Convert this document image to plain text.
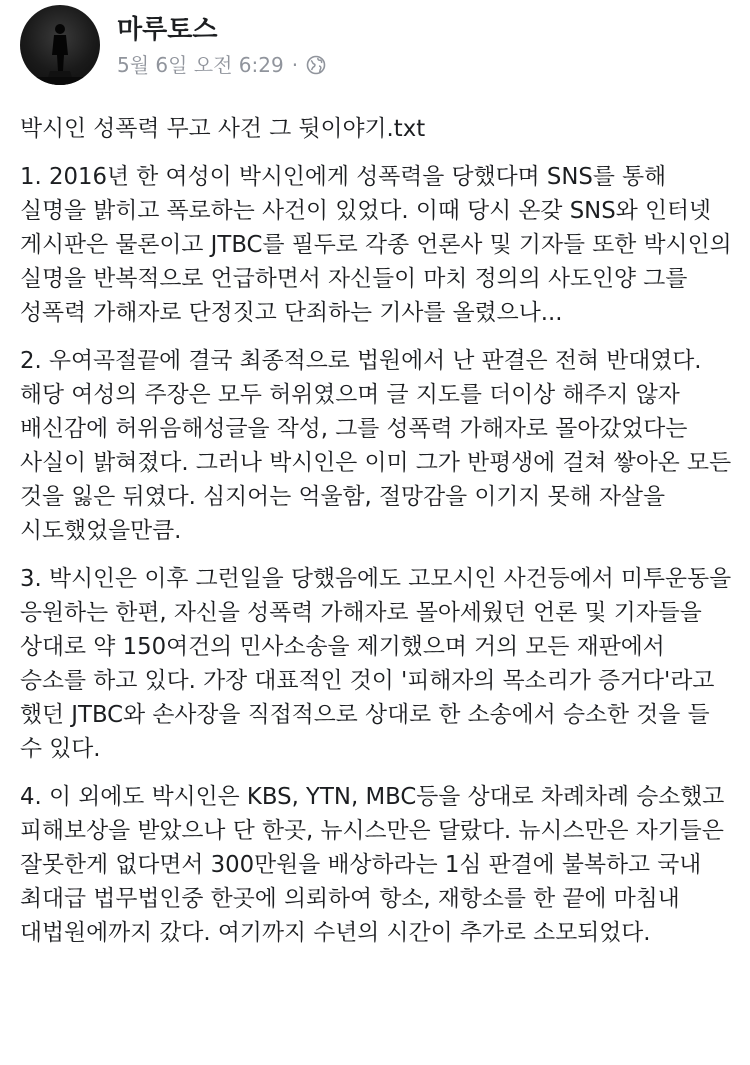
마루토스
5월 6일 오전 6:29 ·

박시인 성폭력 무고 사건 그 뒷이야기.txt

1. 2016년 한 여성이 박시인에게 성폭력을 당했다며 SNS를 통해 실명을 밝히고 폭로하는 사건이 있었다. 이때 당시 온갖 SNS와 인터넷 게시판은 물론이고 JTBC를 필두로 각종 언론사 및 기자들 또한 박시인의 실명을 반복적으로 언급하면서 자신들이 마치 정의의 사도인양 그를 성폭력 가해자로 단정짓고 단죄하는 기사를 올렸으나...

2. 우여곡절끝에 결국 최종적으로 법원에서 난 판결은 전혀 반대였다. 해당 여성의 주장은 모두 허위였으며 글 지도를 더이상 해주지 않자 배신감에 허위음해성글을 작성, 그를 성폭력 가해자로 몰아갔었다는 사실이 밝혀졌다. 그러나 박시인은 이미 그가 반평생에 걸쳐 쌓아온 모든 것을 잃은 뒤였다. 심지어는 억울함, 절망감을 이기지 못해 자살을 시도했었을만큼.

3. 박시인은 이후 그런일을 당했음에도 고모시인 사건등에서 미투운동을 응원하는 한편, 자신을 성폭력 가해자로 몰아세웠던 언론 및 기자들을 상대로 약 150여건의 민사소송을 제기했으며 거의 모든 재판에서 승소를 하고 있다. 가장 대표적인 것이 '피해자의 목소리가 증거다'라고 했던 JTBC와 손사장을 직접적으로 상대로 한 소송에서 승소한 것을 들 수 있다.

4. 이 외에도 박시인은 KBS, YTN, MBC등을 상대로 차례차례 승소했고 피해보상을 받았으나 단 한곳, 뉴시스만은 달랐다. 뉴시스만은 자기들은 잘못한게 없다면서 300만원을 배상하라는 1심 판결에 불복하고 국내 최대급 법무법인중 한곳에 의뢰하여 항소, 재항소를 한 끝에 마침내 대법원에까지 갔다. 여기까지 수년의 시간이 추가로 소모되었다.
